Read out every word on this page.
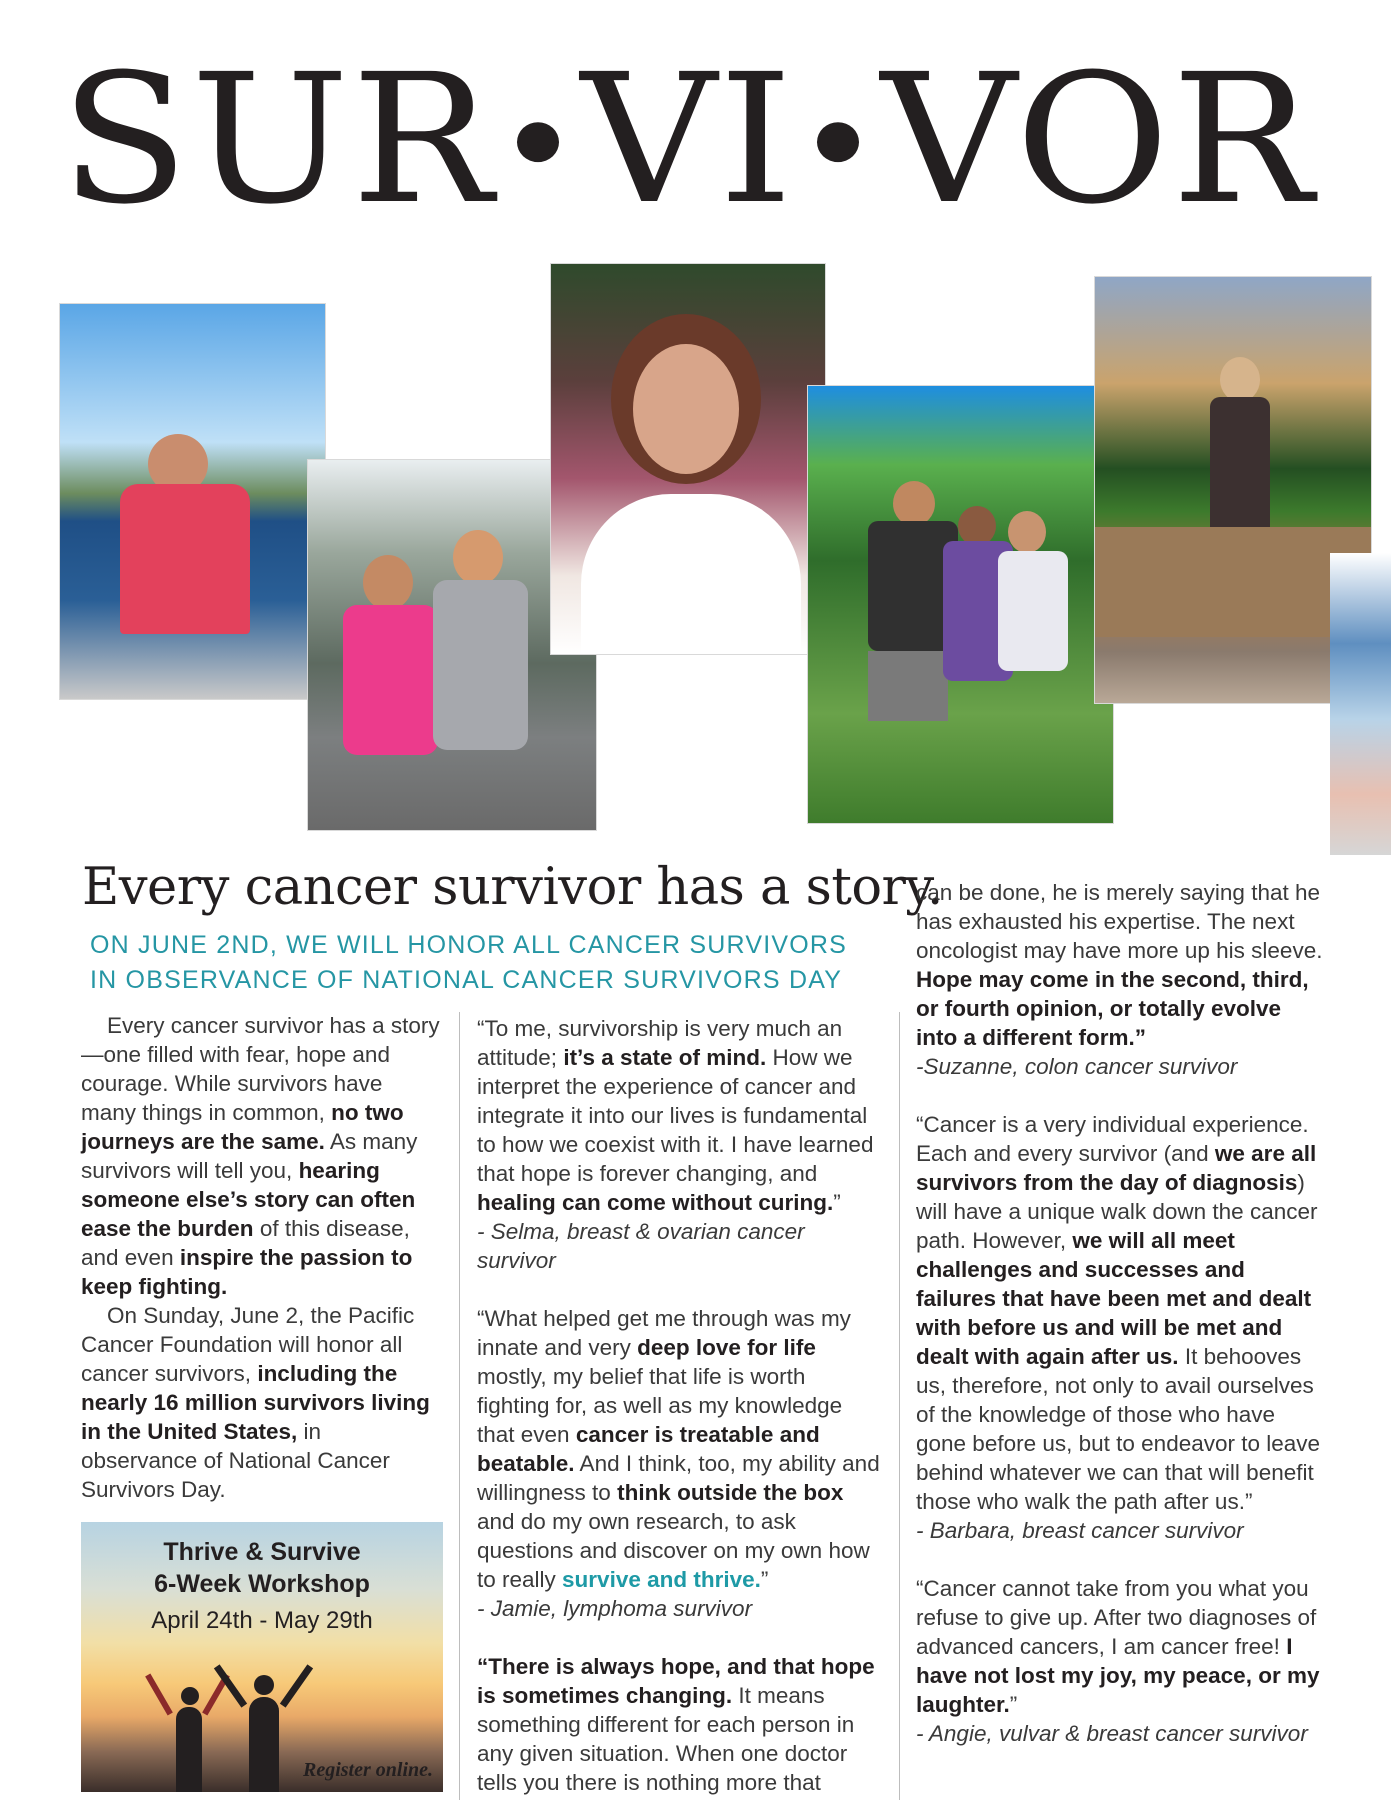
SUR VI VOR
Every cancer survivor has a story.
ON JUNE 2ND, WE WILL HONOR ALL CANCER SURVIVORS
IN OBSERVANCE OF NATIONAL CANCER SURVIVORS DAY

Every cancer survivor has a story—one filled with fear, hope and courage. While survivors have many things in common, no two journeys are the same. As many survivors will tell you, hearing someone else’s story can often ease the burden of this disease, and even inspire the passion to keep fighting.

On Sunday, June 2, the Pacific Cancer Foundation will honor all cancer survivors, including the nearly 16 million survivors living in the United States, in observance of National Cancer Survivors Day.

Thrive & Survive
6-Week Workshop
April 24th - May 29th
Register online.

“To me, survivorship is very much an attitude; it’s a state of mind. How we interpret the experience of cancer and integrate it into our lives is fundamental to how we coexist with it. I have learned that hope is forever changing, and healing can come without curing.”

- Selma, breast & ovarian cancer survivor

“What helped get me through was my innate and very deep love for life mostly, my belief that life is worth fighting for, as well as my knowledge that even cancer is treatable and beatable. And I think, too, my ability and willingness to think outside the box and do my own research, to ask questions and discover on my own how to really survive and thrive.”

- Jamie, lymphoma survivor

“There is always hope, and that hope is sometimes changing. It means something different for each person in any given situation. When one doctor tells you there is nothing more that

can be done, he is merely saying that he has exhausted his expertise. The next oncologist may have more up his sleeve. Hope may come in the second, third, or fourth opinion, or totally evolve into a different form.”

-Suzanne, colon cancer survivor

“Cancer is a very individual experience. Each and every survivor (and we are all survivors from the day of diagnosis) will have a unique walk down the cancer path. However, we will all meet challenges and successes and failures that have been met and dealt with before us and will be met and dealt with again after us. It behooves us, therefore, not only to avail ourselves of the knowledge of those who have gone before us, but to endeavor to leave behind whatever we can that will benefit those who walk the path after us.”

- Barbara, breast cancer survivor

“Cancer cannot take from you what you refuse to give up. After two diagnoses of advanced cancers, I am cancer free! I have not lost my joy, my peace, or my laughter.”

- Angie, vulvar & breast cancer survivor
